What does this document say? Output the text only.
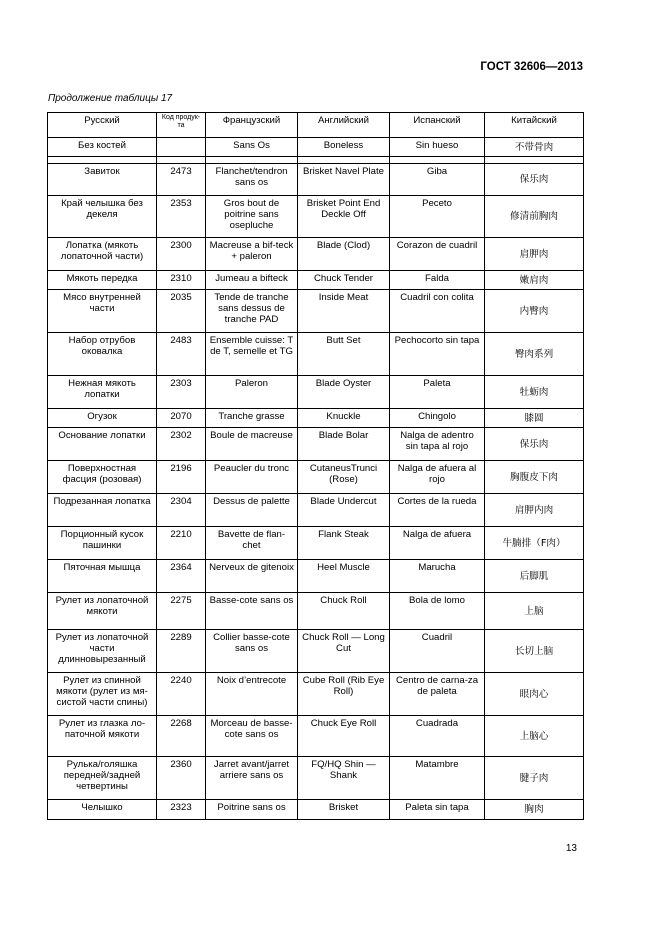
ГОСТ 32606—2013
Продолжение таблицы 17
Русский	Код продук-та	Французский	Английский	Испанский	Китайский
Без костей		Sans Os	Boneless	Sin hueso	不带骨肉

Завиток	2473	Flanchet/tendron sans os	Brisket Navel Plate	Giba	保乐肉
Край челышка без декеля	2353	Gros bout de poitrine sans osepluche	Brisket Point End Deckle Off	Peceto	修清前胸肉
Лопатка (мякоть лопаточной части)	2300	Macreuse a bif-teck + paleron	Blade (Clod)	Corazon de cuadril	肩胛肉
Мякоть передка	2310	Jumeau a bifteck	Chuck Tender	Falda	嫩肩肉
Мясо внутренней части	2035	Tende de tranche sans dessus de tranche PAD	Inside Meat	Cuadril con colita	内臀肉
Набор отрубов оковалка	2483	Ensemble cuisse: T de T, semelle et TG	Butt Set	Pechocorto sin tapa	臀肉系列
Нежная мякоть лопатки	2303	Paleron	Blade Oyster	Paleta	牡蛎肉
Огузок	2070	Tranche grasse	Knuckle	Chingolo	膝圆
Основание лопатки	2302	Boule de macreuse	Blade Bolar	Nalga de adentro sin tapa al rojo	保乐肉
Поверхностная фасция (розовая)	2196	Peaucler du tronc	CutaneusTrunci (Rose)	Nalga de afuera al rojo	胸腹皮下肉
Подрезанная лопатка	2304	Dessus de palette	Blade Undercut	Cortes de la rueda	肩胛内肉
Порционный кусок пашинки	2210	Bavette de flan-chet	Flank Steak	Nalga de afuera	牛腩排（F肉）
Пяточная мышца	2364	Nerveux de gitenoix	Heel Muscle	Marucha	后脚肌
Рулет из лопаточной мякоти	2275	Basse-cote sans os	Chuck Roll	Bola de lomo	上脑
Рулет из лопаточной части длинновырезанный	2289	Collier basse-cote sans os	Chuck Roll — Long Cut	Cuadril	长切上脑
Рулет из спинной мякоти (рулет из мя-систой части спины)	2240	Noix d’entrecote	Cube Roll (Rib Eye Roll)	Centro de carna-za de paleta	眼肉心
Рулет из глазка ло-паточной мякоти	2268	Morceau de basse-cote sans os	Chuck Eye Roll	Cuadrada	上脑心
Рулька/голяшка передней/задней четвертины	2360	Jarret avant/jarret arriere sans os	FQ/HQ Shin — Shank	Matambre	腱子肉
Челышко	2323	Poitrine sans os	Brisket	Paleta sin tapa	胸肉
13
